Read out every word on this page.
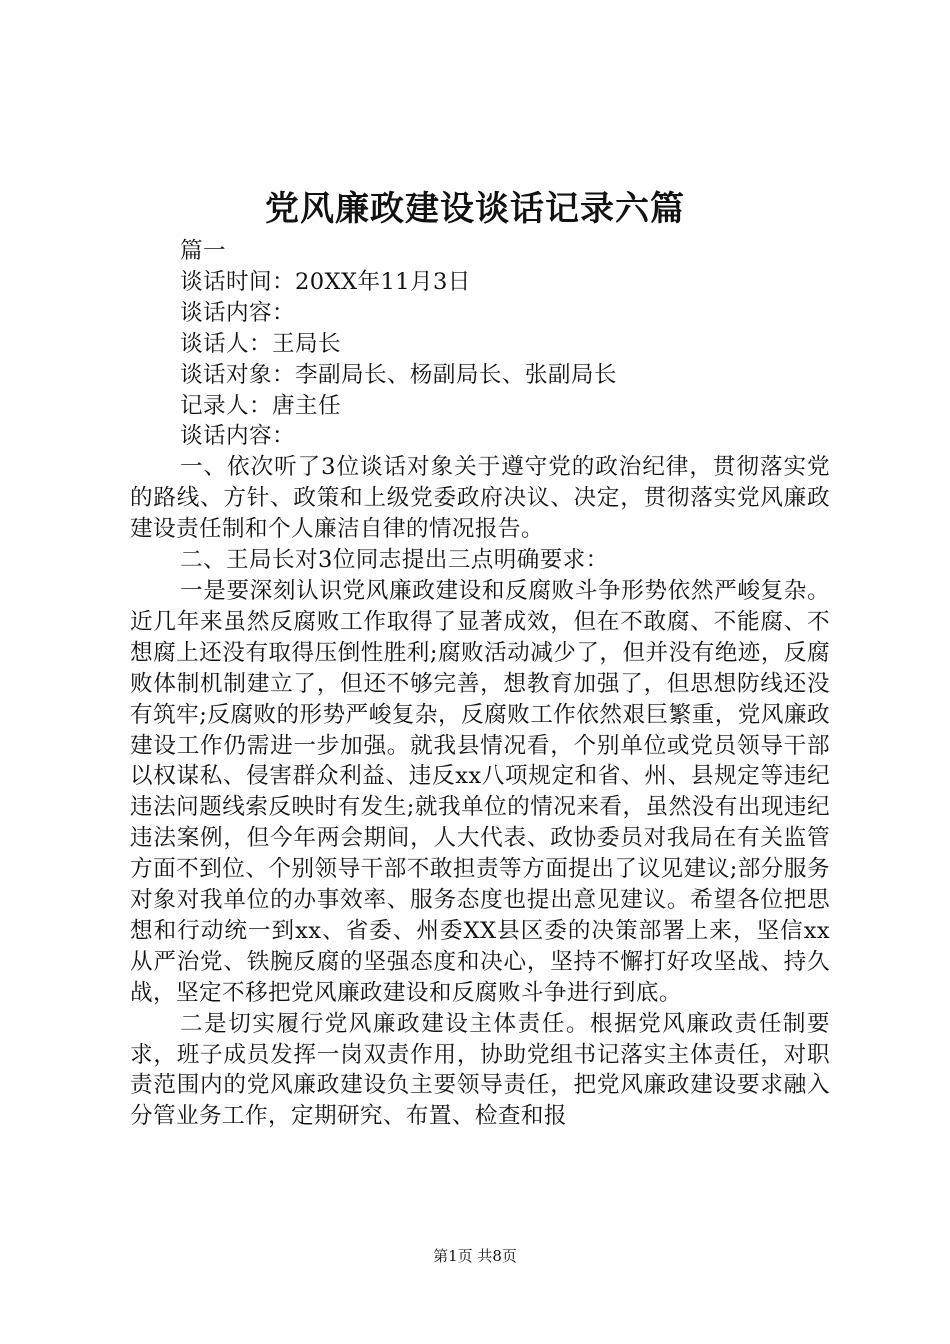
党风廉政建设谈话记录六篇

篇一

谈话时间：20XX年11月3日

谈话内容：

谈话人：王局长

谈话对象：李副局长、杨副局长、张副局长

记录人：唐主任

谈话内容：

一、依次听了3位谈话对象关于遵守党的政治纪律，贯彻落实党的路线、方针、政策和上级党委政府决议、决定，贯彻落实党风廉政建设责任制和个人廉洁自律的情况报告。

二、王局长对3位同志提出三点明确要求：

一是要深刻认识党风廉政建设和反腐败斗争形势依然严峻复杂。近几年来虽然反腐败工作取得了显著成效，但在不敢腐、不能腐、不想腐上还没有取得压倒性胜利;腐败活动减少了，但并没有绝迹，反腐败体制机制建立了，但还不够完善，想教育加强了，但思想防线还没有筑牢;反腐败的形势严峻复杂，反腐败工作依然艰巨繁重，党风廉政建设工作仍需进一步加强。就我县情况看，个别单位或党员领导干部以权谋私、侵害群众利益、违反xx八项规定和省、州、县规定等违纪违法问题线索反映时有发生;就我单位的情况来看，虽然没有出现违纪违法案例，但今年两会期间，人大代表、政协委员对我局在有关监管方面不到位、个别领导干部不敢担责等方面提出了议见建议;部分服务对象对我单位的办事效率、服务态度也提出意见建议。希望各位把思想和行动统一到xx、省委、州委XX县区委的决策部署上来，坚信xx从严治党、铁腕反腐的坚强态度和决心，坚持不懈打好攻坚战、持久战，坚定不移把党风廉政建设和反腐败斗争进行到底。

二是切实履行党风廉政建设主体责任。根据党风廉政责任制要求，班子成员发挥一岗双责作用，协助党组书记落实主体责任，对职责范围内的党风廉政建设负主要领导责任，把党风廉政建设要求融入分管业务工作，定期研究、布置、检查和报

第1页 共8页
